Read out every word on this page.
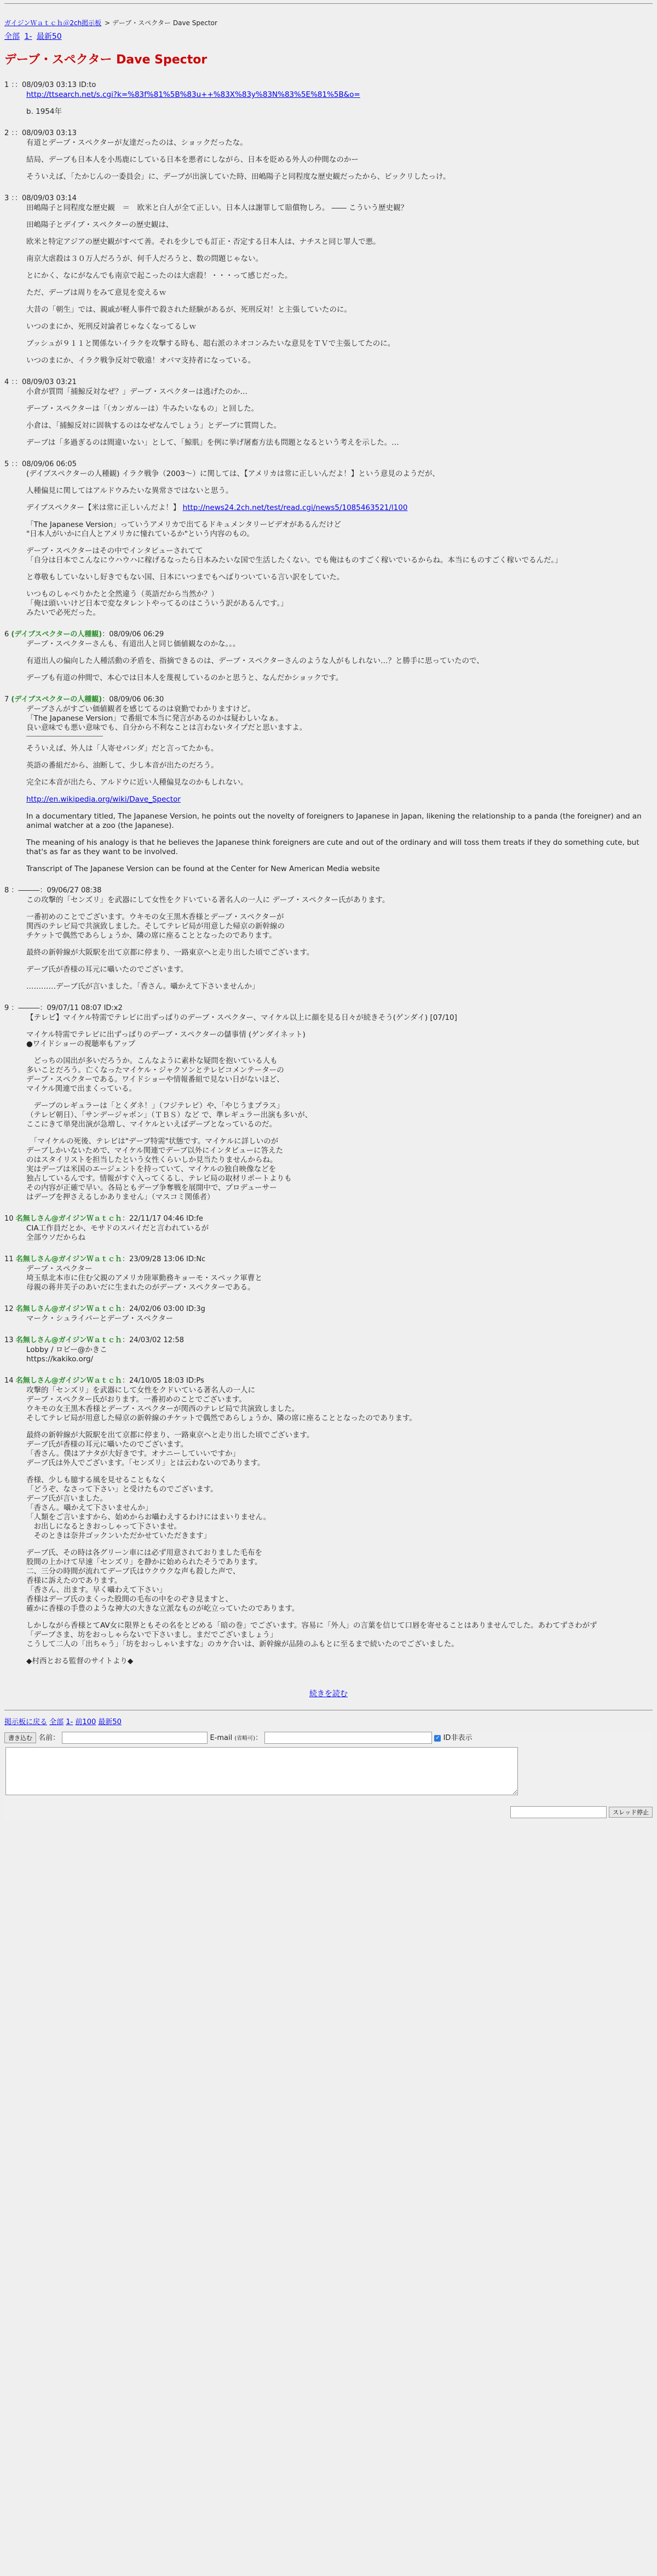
ガイジンＷａｔｃｈ＠2ch掲示板 > デーブ・スペクター Dave Spector
全部 1- 最新50
デーブ・スペクター Dave Spector
1 ：：08/09/03 03:13 ID:to

http://ttsearch.net/s.cgi?k=%83f%81%5B%83u++%83X%83y%83N%83%5E%81%5B&o=

b. 1954年

2 ：：08/09/03 03:13

有道とデーブ・スペクターが友達だったのは、ショックだったな。

結局、デーブも日本人を小馬鹿にしている日本を悪者にしながら、日本を貶める外人の仲間なのかー

そういえば、「たかじんの一委員会」に、デーブが出演していた時、田嶋陽子と同程度な歴史観だったから、ビックリしたっけ。

3 ：：08/09/03 03:14

田嶋陽子と同程度な歴史観　＝　欧米と白人が全て正しい。日本人は謝罪して賠償物しろ。 ―― こういう歴史観？

田嶋陽子とデイブ・スペクターの歴史観は、

欧米と特定アジアの歴史観がすべて善。それを少しでも訂正・否定する日本人は、ナチスと同じ罪人で悪。

南京大虐殺は３０万人だろうが、何千人だろうと、数の問題じゃない。

とにかく、なにがなんでも南京で起こったのは大虐殺！・・・って感じだった。

ただ、デーブは周りをみて意見を変えるｗ

大昔の「朝生」では、親戚が軽人事件で殺された経験があるが、死刑反対！と主張していたのに。

いつのまにか、死刑反対論者じゃなくなってるしｗ

ブッシュが９１１と関係ないイラクを攻撃する時も、超右派のネオコンみたいな意見をＴＶで主張してたのに。

いつのまにか、イラク戦争反対で敬遠！オバマ支持者になっている。

4 ：：08/09/03 03:21

小倉が質問「捕鯨反対なぜ？」デーブ・スペクターは逃げたのか…

デーブ・スペクターは「（カンガルーは）牛みたいなもの」と回した。

小倉は、「捕鯨反対に固執するのはなぜなんでしょう」とデーブに質問した。

デーブは「多過ぎるのは間違いない」として、「鯨肌」を例に挙げ屠畜方法も問題となるという考えを示した。…

5 ：：08/09/06 06:05

(デイブスペクターの人種観) イラク戦争（2003～）に関しては、【アメリカは常に正しいんだよ！】という意見のようだが、

人種偏見に関してはアルドウみたいな異常さではないと思う。

デイブスペクター【米は常に正しいんだよ！】 http://news24.2ch.net/test/read.cgi/news5/1085463521/l100

「The Japanese Version」っていうアメリカで出てるドキュメンタリービデオがあるんだけど

"日本人がいかに白人とアメリカに憧れているか"という内容のもの。

デーブ・スペクターはその中でインタビューされてて

「自分は日本でこんなにウハウハに稼げるなったら日本みたいな国で生活したくない。でも俺はものすごく稼いでいるからね。本当にものすごく稼いでるんだ。」

と尊敬もしていないし好きでもない国、日本にいつまでもへばりついている言い訳をしていた。

いつものしゃべりかたと全然違う（英語だから当然か？）

「俺は頭いいけど日本で変なタレントやってるのはこういう訳があるんです。」

みたいで必死だった。

6 (デイブスペクターの人種観)：08/09/06 06:29

デーブ・スペクターさんも、有道出人と同じ価値観なのかな。。。

有道出人の偏向した人種活動の矛盾を、指摘できるのは、デーブ・スペクターさんのような人がもしれない…？と勝手に思っていたので、

デーブも有道の仲間で、本心では日本人を蔑視しているのかと思うと、なんだかショックです。

7 (デイブスペクターの人種観)：08/09/06 06:30

デーブさんがすごい価値観者を感じてるのは衰勤でわかりますけど。

「The Japanese Version」で番組で本当に発言があるのかは疑わしいなぁ。

良い意味でも悪い意味でも、自分から不利なことは言わないタイプだと思いますよ。

そういえば、外人は「人寄せパンダ」だと言ってたかも。

英語の番組だから、油断して、少し本音が出たのだろう。

完全に本音が出たら、アルドウに近い人種偏見なのかもしれない。

http://en.wikipedia.org/wiki/Dave_Spector

In a documentary titled, The Japanese Version, he points out the novelty of foreigners to Japanese in Japan, likening the relationship to a panda (the foreigner) and an animal watcher at a zoo (the Japanese).

The meaning of his analogy is that he believes the Japanese think foreigners are cute and out of the ordinary and will toss them treats if they do something cute, but that's as far as they want to be involved.

Transcript of The Japanese Version can be found at the Center for New American Media website

8 ：―――：09/06/27 08:38

この攻撃的「センズリ」を武器にして女性をクドいている著名人の一人に デーブ・スペクター氏があります。

一番初めのことでございます。ウキモの女王黒木香様とデーブ・スペクターが

関西のテレビ局で共演致しました。そしてテレビ局が用意した帰京の新幹線の

チケットで偶然であらしょうか、隣の席に座ることとなったのであります。

最終の新幹線が大阪駅を出て京都に停まり、一路東京へと走り出した頃でございます。

デーブ氏が香様の耳元に囁いたのでございます。

…………デーブ氏が言いました。「香さん。囁かえて下さいませんか」

9 ：―――：09/07/11 08:07 ID:x2

【テレビ】マイケル特需でテレビに出ずっぱりのデーブ・スペクター、マイケル以上に顔を見る日々が続きそう(ゲンダイ) [07/10]

マイケル特需でテレビに出ずっぱりのデーブ・スペクターの儲事情 (ゲンダイネット)

●ワイドショーの視聴率もアップ

　どっちの国出が多いだろうか。こんなように素朴な疑問を抱いている人も

多いことだろう。亡くなったマイケル・ジャクソンとテレビコメンテーターの

デーブ・スペクターである。ワイドショーや情報番組で見ない日がないほど、

マイケル関連で出まくっている。

　デーブのレギュラーは「とくダネ！」（フジテレビ）や、「やじうまプラス」

（テレビ朝日）、「サンデージャポン」（ＴＢＳ）など で、準レギュラー出演も多いが、

ここにきて単発出演が急増し、マイケルといえばデーブとなっているのだ。

　「マイケルの死後、テレビは"デーブ特需"状態です。マイケルに詳しいのが

デーブしかいないためで、マイケル関連でデーブ以外にインタビューに答えた

のはスタイリストを担当したという女性くらいしか見当たりませんからね。

実はデーブは米国のエージェントを持っていて、マイケルの独自映像などを

独占しているんです。情報がすぐ入ってくるし、テレビ局の取材リポートよりも

その内容が正確で早い。各局ともデーブ争奪戦を展開中で、プロデューサー

はデーブを押さえるしかありません」（マスコミ関係者）

10 名無しさん@ガイジンＷａｔｃｈ：22/11/17 04:46 ID:fe

CIA工作員だとか、モサドのスパイだと言われているが

全部ウソだからね

11 名無しさん@ガイジンＷａｔｃｈ：23/09/28 13:06 ID:Nc

デーブ・スペクター

埼玉県北本市に住む父親のアメリカ陸軍勤務キョーモ・スペック軍曹と

母親の蒋井芙子のあいだに生まれたのがデーブ・スペクターである。

12 名無しさん@ガイジンＷａｔｃｈ：24/02/06 03:00 ID:3g

マーク・シュライバーとデーブ・スペクター

13 名無しさん@ガイジンＷａｔｃｈ：24/03/02 12:58

Lobby / ロビー@かきこ

https://kakiko.org/

14 名無しさん@ガイジンＷａｔｃｈ：24/10/05 18:03 ID:Ps

攻撃的「センズリ」を武器にして女性をクドいている著名人の一人に

デーブ・スペクター氏がおります。一番初めのことでございます。

ウキモの女王黒木香様とデーブ・スペクターが関西のテレビ局で共演致しました。

そしてテレビ局が用意した帰京の新幹線のチケットで偶然であらしょうか、隣の席に座ることとなったのであります。

最終の新幹線が大阪駅を出て京都に停まり、一路東京へと走り出した頃でございます。

デーブ氏が香様の耳元に囁いたのでございます。

「香さん。僕はアナタが大好きです。オナニーしていいですか」

デーブ氏は外人でございます。「センズリ」とは云わないのであります。

香様、少しも臆する風を見せることもなく

「どうぞ、なさって下さい」と受けたものでございます。

デーブ氏が言いました。

「香さん。囁かえて下さいませんか」

「人類をご言いますから、始めからお囁わえするわけにはまいりません。

　お出しになるときおっしゃって下さいませ。

　そのときは奈井ゴックンいただかせていただきます」

デーブ氏、その時は各グリーン車には必ず用意されておりました毛布を

股間の上かけて早速「センズリ」を静かに始められたそうであります。

二、三分の時間が流れてデーブ氏はウクウクな声も殺した声で、

香様に訴えたのであります。

「香さん、出ます。早く囁わえて下さい」

香様はデーブ氏のまくった股間の毛布の中をのぞき見ますと、

確かに香様の手豊のような神大の大きな立派なものが屹立っていたのであります。

しかしながら香様とてAV女に限界ともその名をとどめる「暗の巻」でございます。容易に「外人」の言葉を信じて口唇を寄せることはありませんでした。あわてずさわがず

「デーブさま、坊をおっしゃらないで下さいまし。まだでございましょう」

こうして二人の「出ちゃう」「坊をおっしゃいますな」のカケ合いは、新幹線が品陸のふもとに至るまで続いたのでございました。

◆村西とおる監督のサイトより◆

続きを読む
掲示板に戻る 全部 1- 前100 最新50
書き込む 名前：	E-mail (省略可)：	✓ ID非表示
スレッド停止
